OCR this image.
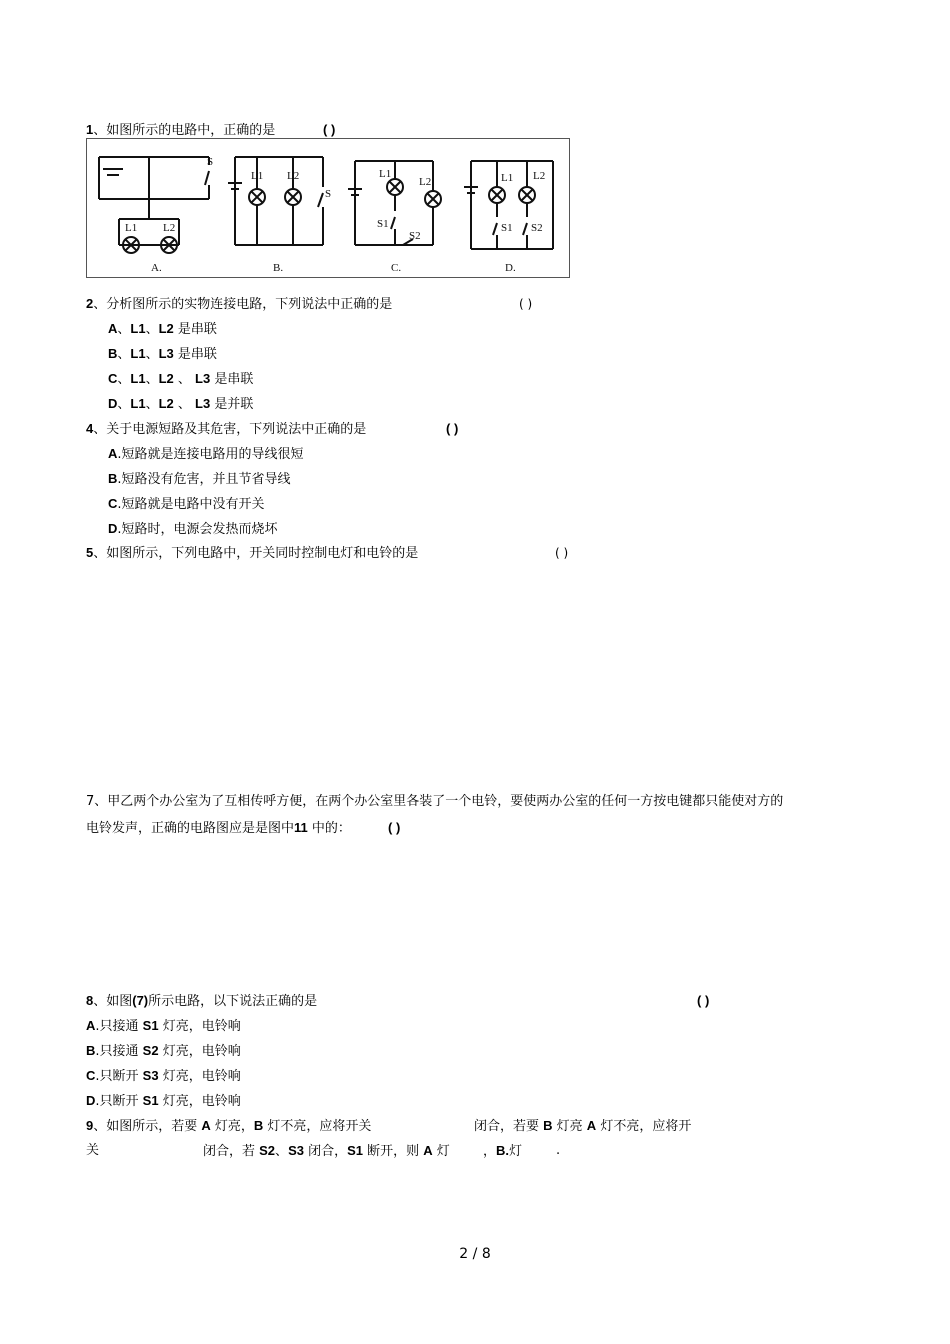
1、如图所示的电路中，正确的是	( )
S
L1 L2
A.
L1 L2
S
B.
L1
L2
S1
S2
C.
L1 L2
S1 S2
D.
2、分析图所示的实物连接电路，下列说法中正确的是	( )
A、L1、L2 是串联
B、L1、L3 是串联
C、L1、L2 、 L3 是串联
D、L1、L2 、 L3 是并联
4、关于电源短路及其危害，下列说法中正确的是	( )
A.短路就是连接电路用的导线很短
B.短路没有危害，并且节省导线
C.短路就是电路中没有开关
D.短路时，电源会发热而烧坏
5、如图所示，下列电路中，开关同时控制电灯和电铃的是	( )
7、甲乙两个办公室为了互相传呼方便，在两个办公室里各装了一个电铃，要使两办公室的任何一方按电键都只能使对方的
电铃发声，正确的电路图应是是图中11 中的：	( )
8、如图(7)所示电路，以下说法正确的是	( )
A.只接通 S1 灯亮，电铃响
B.只接通 S2 灯亮，电铃响
C.只断开 S3 灯亮，电铃响
D.只断开 S1 灯亮，电铃响
9、如图所示，若要 A 灯亮，B 灯不亮，应将开关	闭合，若要 B 灯亮 A 灯不亮，应将开
关	闭合，若 S2、S3 闭合，S1 断开，则 A 灯	，B.灯	.
2 / 8
